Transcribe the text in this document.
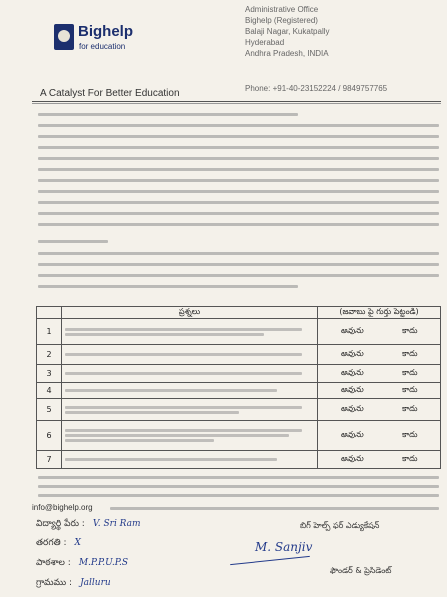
Bighelp
for education
A Catalyst For Better Education
Administrative Office
Bighelp (Registered)
Balaji Nagar, Kukatpally
Hyderabad
Andhra Pradesh, INDIA
Phone: +91-40-23152224 / 9849757765
	ప్రశ్నలు	(జవాబు పై గుర్తు పెట్టండి)
1		అవును కాదు

2		అవును కాదు

3		అవును కాదు

4		అవును కాదు

5		అవును కాదు

6		అవును కాదు

7		అవును కాదు
info@bighelp.org
విద్యార్థి పేరు : V. Sri Ram
తరగతి : X
పాఠశాల : M.P.P.U.P.S
గ్రామము : Jalluru
బిగ్ హెల్ప్ ఫర్ ఎడ్యుకేషన్
M. Sanjiv
ఫౌండర్ & ప్రెసిడెంట్
